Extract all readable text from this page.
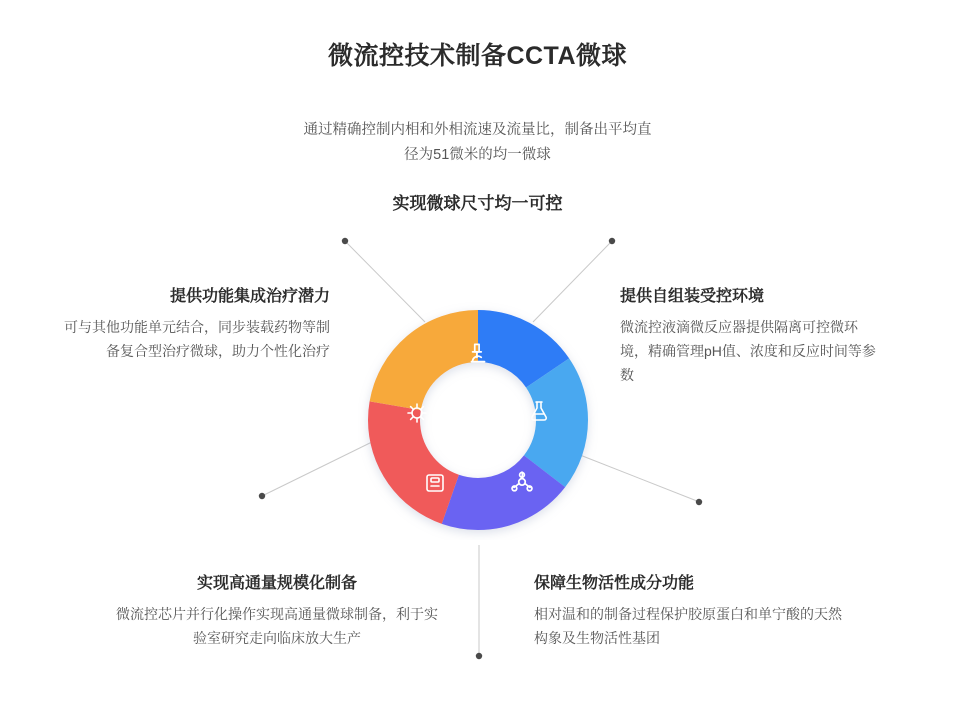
微流控技术制备CCTA微球
通过精确控制内相和外相流速及流量比，制备出平均直径为51微米的均一微球
实现微球尺寸均一可控
提供功能集成治疗潜力
可与其他功能单元结合，同步装载药物等制备复合型治疗微球，助力个性化治疗
提供自组装受控环境
微流控液滴微反应器提供隔离可控微环境，精确管理pH值、浓度和反应时间等参数
保障生物活性成分功能
相对温和的制备过程保护胶原蛋白和单宁酸的天然构象及生物活性基团
实现高通量规模化制备
微流控芯片并行化操作实现高通量微球制备，利于实验室研究走向临床放大生产
